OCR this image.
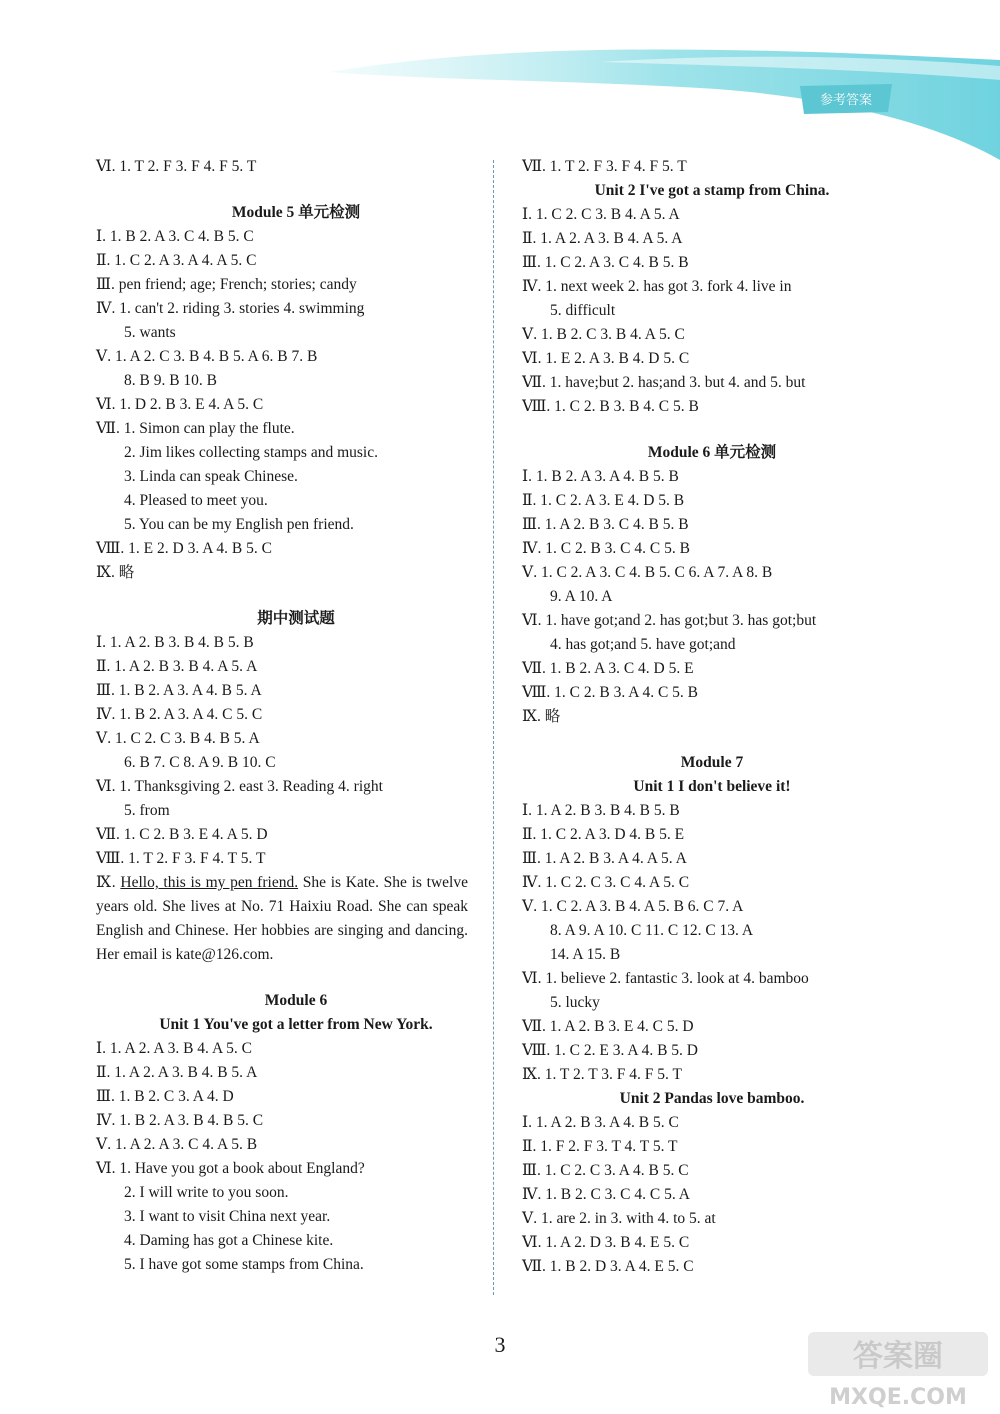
参考答案
Ⅵ. 1. T 2. F 3. F 4. F 5. T
Module 5 单元检测
Ⅰ. 1. B 2. A 3. C 4. B 5. C
Ⅱ. 1. C 2. A 3. A 4. A 5. C
Ⅲ. pen friend; age; French; stories; candy
Ⅳ. 1. can't 2. riding 3. stories 4. swimming
5. wants
Ⅴ. 1. A 2. C 3. B 4. B 5. A 6. B 7. B
8. B 9. B 10. B
Ⅵ. 1. D 2. B 3. E 4. A 5. C
Ⅶ. 1. Simon can play the flute.
2. Jim likes collecting stamps and music.
3. Linda can speak Chinese.
4. Pleased to meet you.
5. You can be my English pen friend.
Ⅷ. 1. E 2. D 3. A 4. B 5. C
Ⅸ. 略
期中测试题
Ⅰ. 1. A 2. B 3. B 4. B 5. B
Ⅱ. 1. A 2. B 3. B 4. A 5. A
Ⅲ. 1. B 2. A 3. A 4. B 5. A
Ⅳ. 1. B 2. A 3. A 4. C 5. C
Ⅴ. 1. C 2. C 3. B 4. B 5. A
6. B 7. C 8. A 9. B 10. C
Ⅵ. 1. Thanksgiving 2. east 3. Reading 4. right
5. from
Ⅶ. 1. C 2. B 3. E 4. A 5. D
Ⅷ. 1. T 2. F 3. F 4. T 5. T
Ⅸ. Hello, this is my pen friend. She is Kate. She is twelve years old. She lives at No. 71 Haixiu Road. She can speak English and Chinese. Her hobbies are singing and dancing. Her email is kate@126.com.
Module 6
Unit 1 You've got a letter from New York.
Ⅰ. 1. A 2. A 3. B 4. A 5. C
Ⅱ. 1. A 2. A 3. B 4. B 5. A
Ⅲ. 1. B 2. C 3. A 4. D
Ⅳ. 1. B 2. A 3. B 4. B 5. C
Ⅴ. 1. A 2. A 3. C 4. A 5. B
Ⅵ. 1. Have you got a book about England?
2. I will write to you soon.
3. I want to visit China next year.
4. Daming has got a Chinese kite.
5. I have got some stamps from China.
Ⅶ. 1. T 2. F 3. F 4. F 5. T
Unit 2 I've got a stamp from China.
Ⅰ. 1. C 2. C 3. B 4. A 5. A
Ⅱ. 1. A 2. A 3. B 4. A 5. A
Ⅲ. 1. C 2. A 3. C 4. B 5. B
Ⅳ. 1. next week 2. has got 3. fork 4. live in
5. difficult
Ⅴ. 1. B 2. C 3. B 4. A 5. C
Ⅵ. 1. E 2. A 3. B 4. D 5. C
Ⅶ. 1. have;but 2. has;and 3. but 4. and 5. but
Ⅷ. 1. C 2. B 3. B 4. C 5. B
Module 6 单元检测
Ⅰ. 1. B 2. A 3. A 4. B 5. B
Ⅱ. 1. C 2. A 3. E 4. D 5. B
Ⅲ. 1. A 2. B 3. C 4. B 5. B
Ⅳ. 1. C 2. B 3. C 4. C 5. B
Ⅴ. 1. C 2. A 3. C 4. B 5. C 6. A 7. A 8. B
9. A 10. A
Ⅵ. 1. have got;and 2. has got;but 3. has got;but
4. has got;and 5. have got;and
Ⅶ. 1. B 2. A 3. C 4. D 5. E
Ⅷ. 1. C 2. B 3. A 4. C 5. B
Ⅸ. 略
Module 7
Unit 1 I don't believe it!
Ⅰ. 1. A 2. B 3. B 4. B 5. B
Ⅱ. 1. C 2. A 3. D 4. B 5. E
Ⅲ. 1. A 2. B 3. A 4. A 5. A
Ⅳ. 1. C 2. C 3. C 4. A 5. C
Ⅴ. 1. C 2. A 3. B 4. A 5. B 6. C 7. A
8. A 9. A 10. C 11. C 12. C 13. A
14. A 15. B
Ⅵ. 1. believe 2. fantastic 3. look at 4. bamboo
5. lucky
Ⅶ. 1. A 2. B 3. E 4. C 5. D
Ⅷ. 1. C 2. E 3. A 4. B 5. D
Ⅸ. 1. T 2. T 3. F 4. F 5. T
Unit 2 Pandas love bamboo.
Ⅰ. 1. A 2. B 3. A 4. B 5. C
Ⅱ. 1. F 2. F 3. T 4. T 5. T
Ⅲ. 1. C 2. C 3. A 4. B 5. C
Ⅳ. 1. B 2. C 3. C 4. C 5. A
Ⅴ. 1. are 2. in 3. with 4. to 5. at
Ⅵ. 1. A 2. D 3. B 4. E 5. C
Ⅶ. 1. B 2. D 3. A 4. E 5. C
3	答案圈
MXQE.COM
